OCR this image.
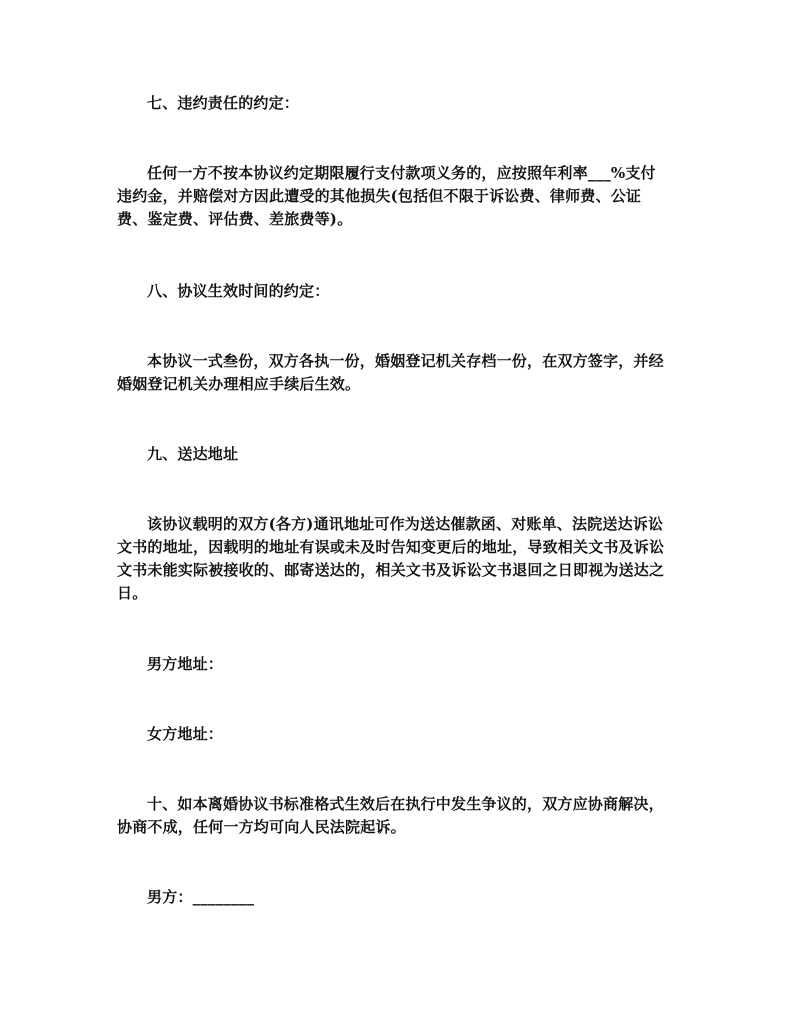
七、违约责任的约定：
任何一方不按本协议约定期限履行支付款项义务的，应按照年利率___%支付违约金，并赔偿对方因此遭受的其他损失(包括但不限于诉讼费、律师费、公证费、鉴定费、评估费、差旅费等)。
八、协议生效时间的约定：
本协议一式叁份，双方各执一份，婚姻登记机关存档一份，在双方签字，并经婚姻登记机关办理相应手续后生效。
九、送达地址
该协议载明的双方(各方)通讯地址可作为送达催款函、对账单、法院送达诉讼文书的地址，因载明的地址有误或未及时告知变更后的地址，导致相关文书及诉讼文书未能实际被接收的、邮寄送达的，相关文书及诉讼文书退回之日即视为送达之日。
男方地址：
女方地址：
十、如本离婚协议书标准格式生效后在执行中发生争议的，双方应协商解决，协商不成，任何一方均可向人民法院起诉。
男方：________
